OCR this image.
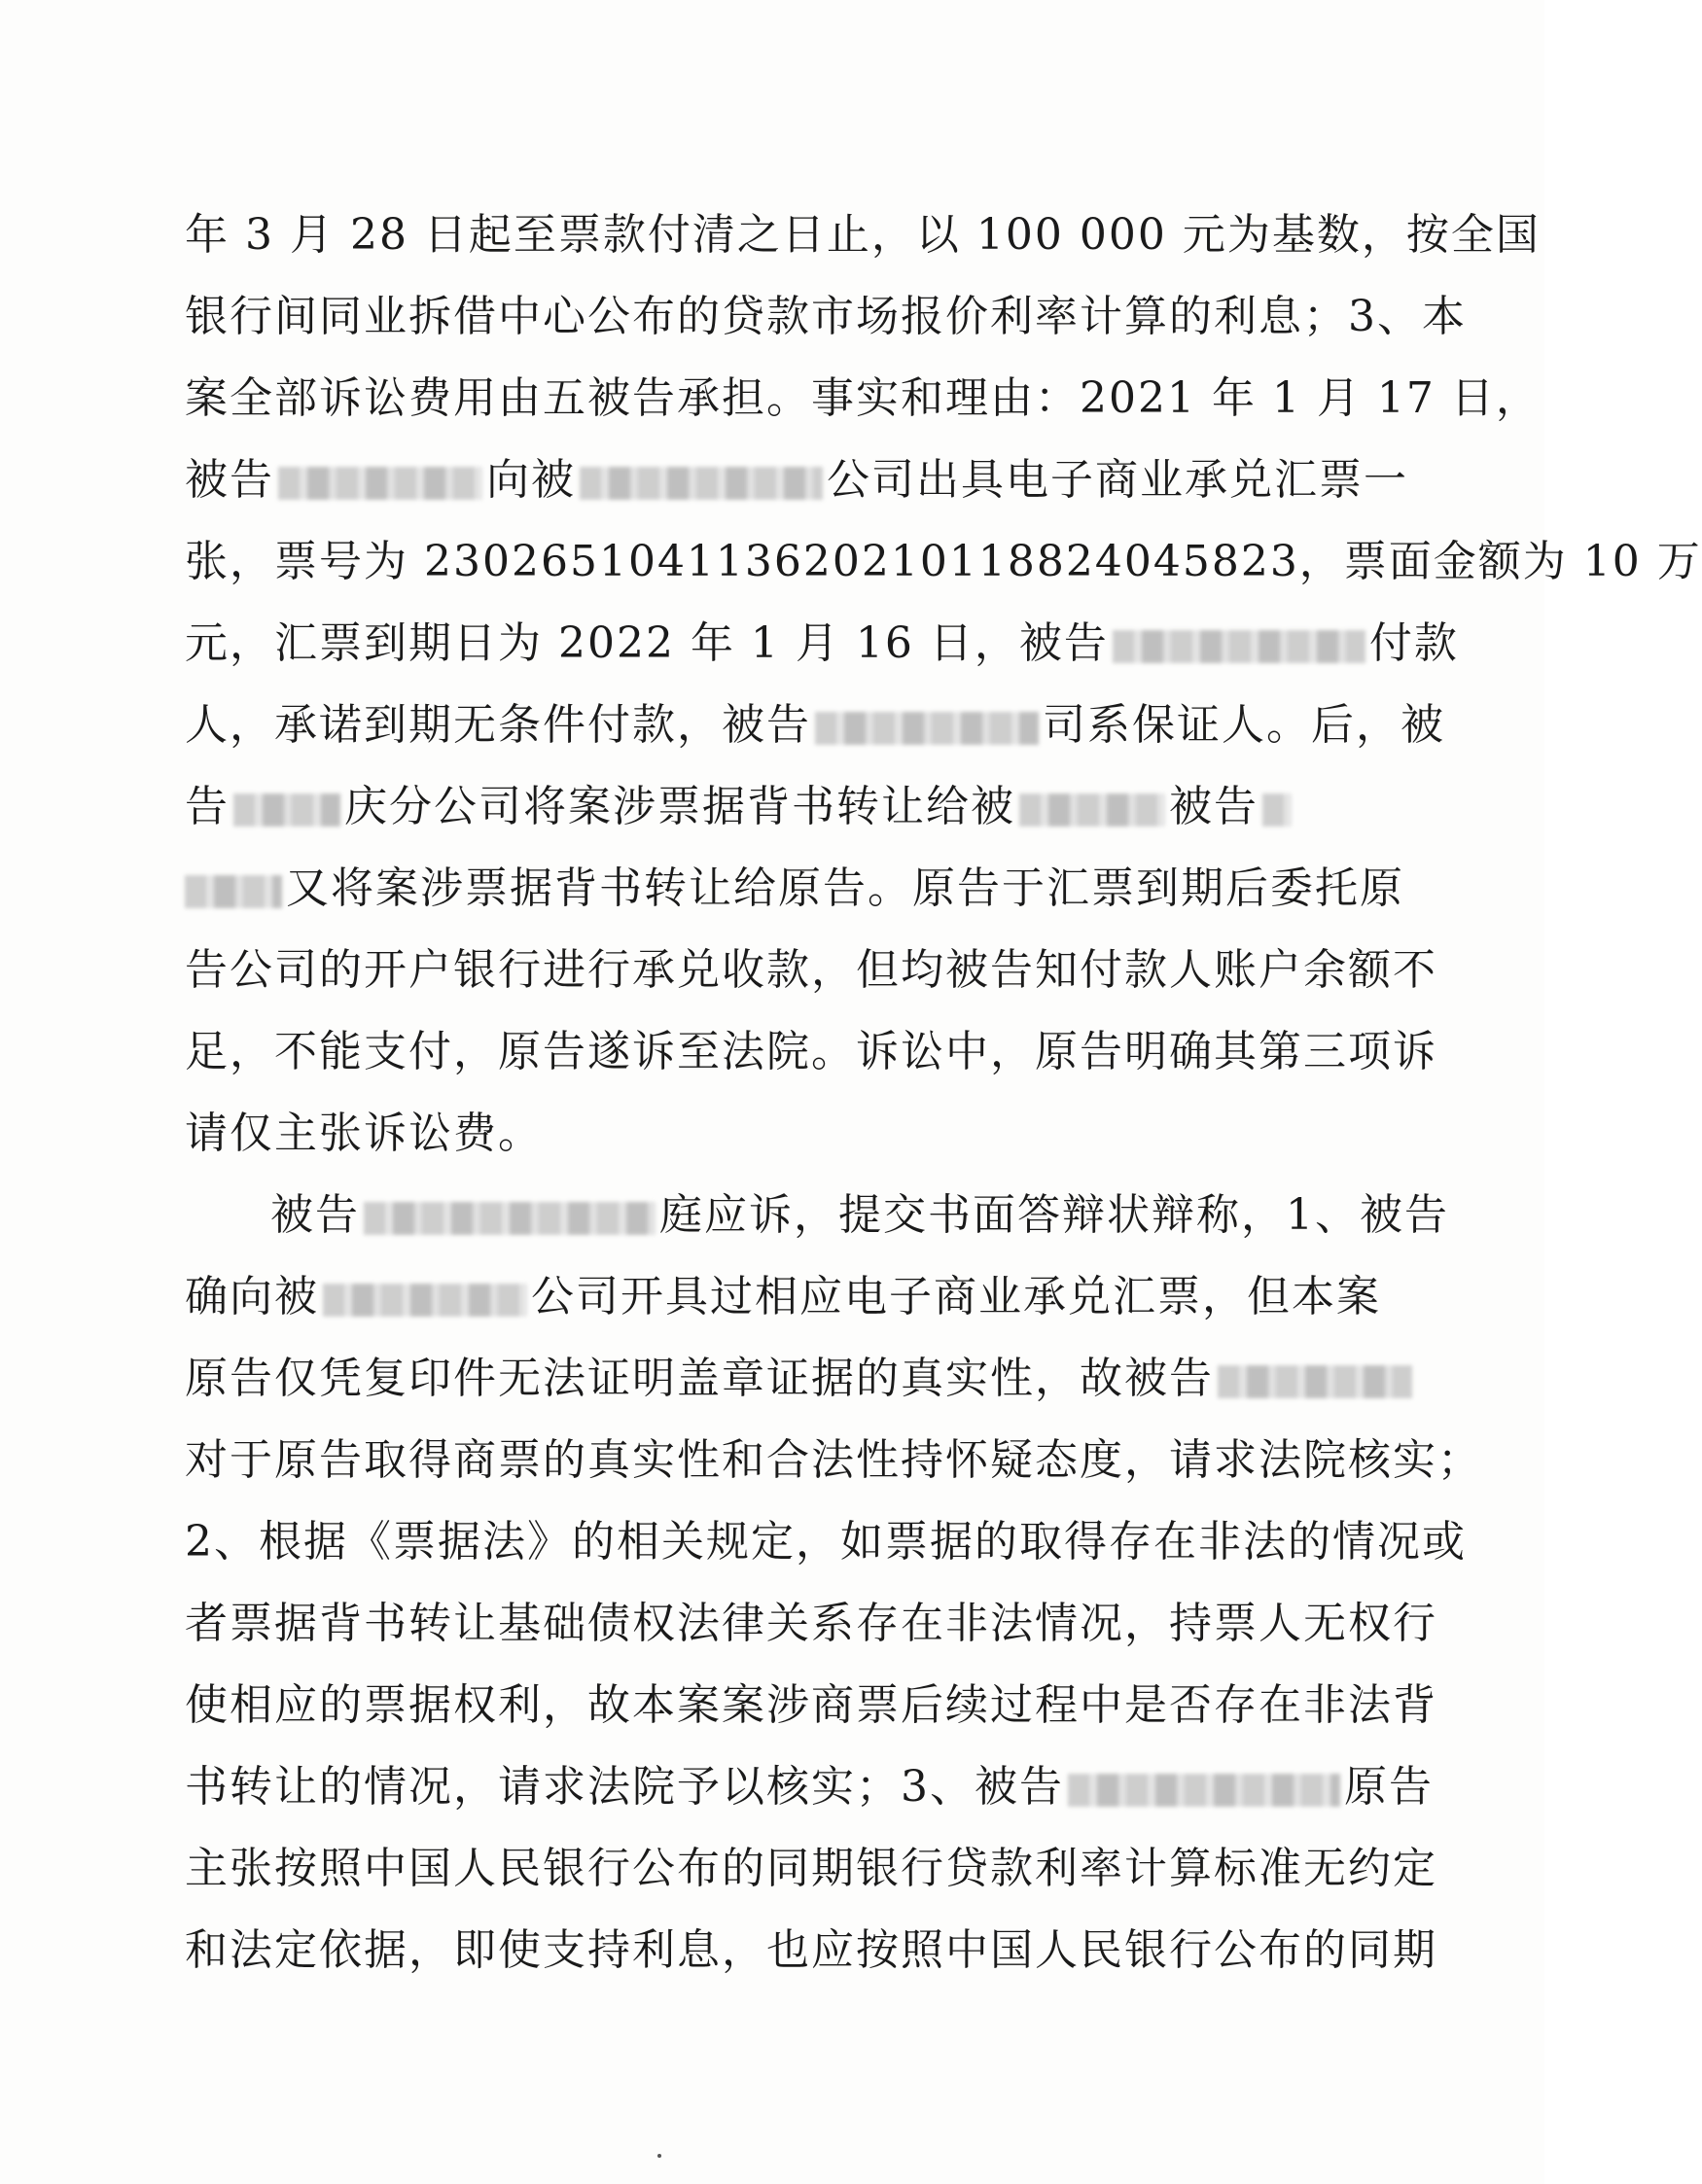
年 3 月 28 日起至票款付清之日止，以 100 000 元为基数，按全国
银行间同业拆借中心公布的贷款市场报价利率计算的利息；3、本
案全部诉讼费用由五被告承担。事实和理由：2021 年 1 月 17 日，
被告	向被	公司出具电子商业承兑汇票一
张，票号为 230265104113620210118824045823，票面金额为 10 万
元，汇票到期日为 2022 年 1 月 16 日，被告	付款
人，承诺到期无条件付款，被告	司系保证人。后，被
告	庆分公司将案涉票据背书转让给被	被告
又将案涉票据背书转让给原告。原告于汇票到期后委托原
告公司的开户银行进行承兑收款，但均被告知付款人账户余额不
足，不能支付，原告遂诉至法院。诉讼中，原告明确其第三项诉
请仅主张诉讼费。
被告	庭应诉，提交书面答辩状辩称，1、被告
确向被	公司开具过相应电子商业承兑汇票，但本案
原告仅凭复印件无法证明盖章证据的真实性，故被告
对于原告取得商票的真实性和合法性持怀疑态度，请求法院核实；
2、根据《票据法》的相关规定，如票据的取得存在非法的情况或
者票据背书转让基础债权法律关系存在非法情况，持票人无权行
使相应的票据权利，故本案案涉商票后续过程中是否存在非法背
书转让的情况，请求法院予以核实；3、被告	原告
主张按照中国人民银行公布的同期银行贷款利率计算标准无约定
和法定依据，即使支持利息，也应按照中国人民银行公布的同期
